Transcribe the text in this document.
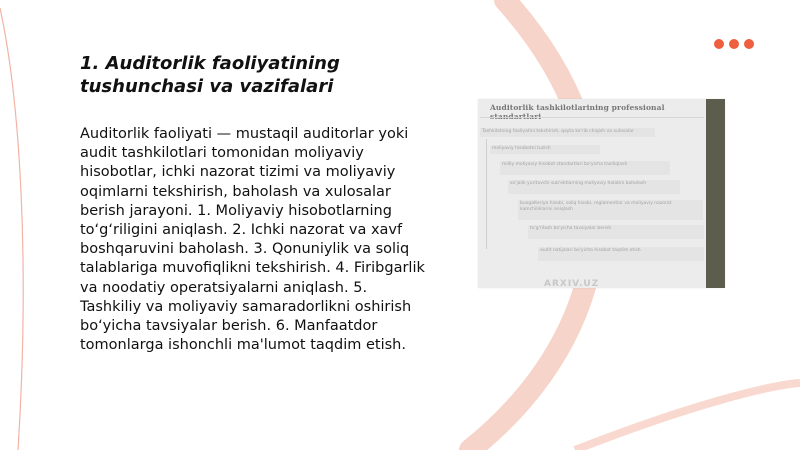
1. Auditorlik faoliyatining tushunchasi va vazifalari
Auditorlik faoliyati — mustaqil auditorlar yoki audit tashkilotlari tomonidan moliyaviy hisobotlar, ichki nazorat tizimi va moliyaviy oqimlarni tekshirish, baholash va xulosalar berish jarayoni. 1. Moliyaviy hisobotlarning to‘g‘riligini aniqlash. 2. Ichki nazorat va xavf boshqaruvini baholash. 3. Qonuniylik va soliq talablariga muvofiqlikni tekshirish. 4. Firibgarlik va noodatiy operatsiyalarni aniqlash. 5. Tashkiliy va moliyaviy samaradorlikni oshirish bo‘yicha tavsiyalar berish. 6. Manfaatdor tomonlarga ishonchli ma'lumot taqdim etish.
Auditorlik tashkilotlarining professional
Tashkilotning faoliyatini tekshirish, qayta ko'rib chiqish va xulosalar
moliyaviy hisobotni tuzish
milliy moliyaviy hisobot standartlari bo'yicha tasdiqlash
xo'jalik yurituvchi sub'ektlarning moliyaviy holatini baholash
buxgalteriya hisobi, soliq hisobi, reglamentlar va moliyaviy nazorat kamchiliklarini aniqlash
to'g'rilash bo'yicha tavsiyalar berish
audit natijalari bo'yicha hisobot taqdim etish
ARXIV.UZ
